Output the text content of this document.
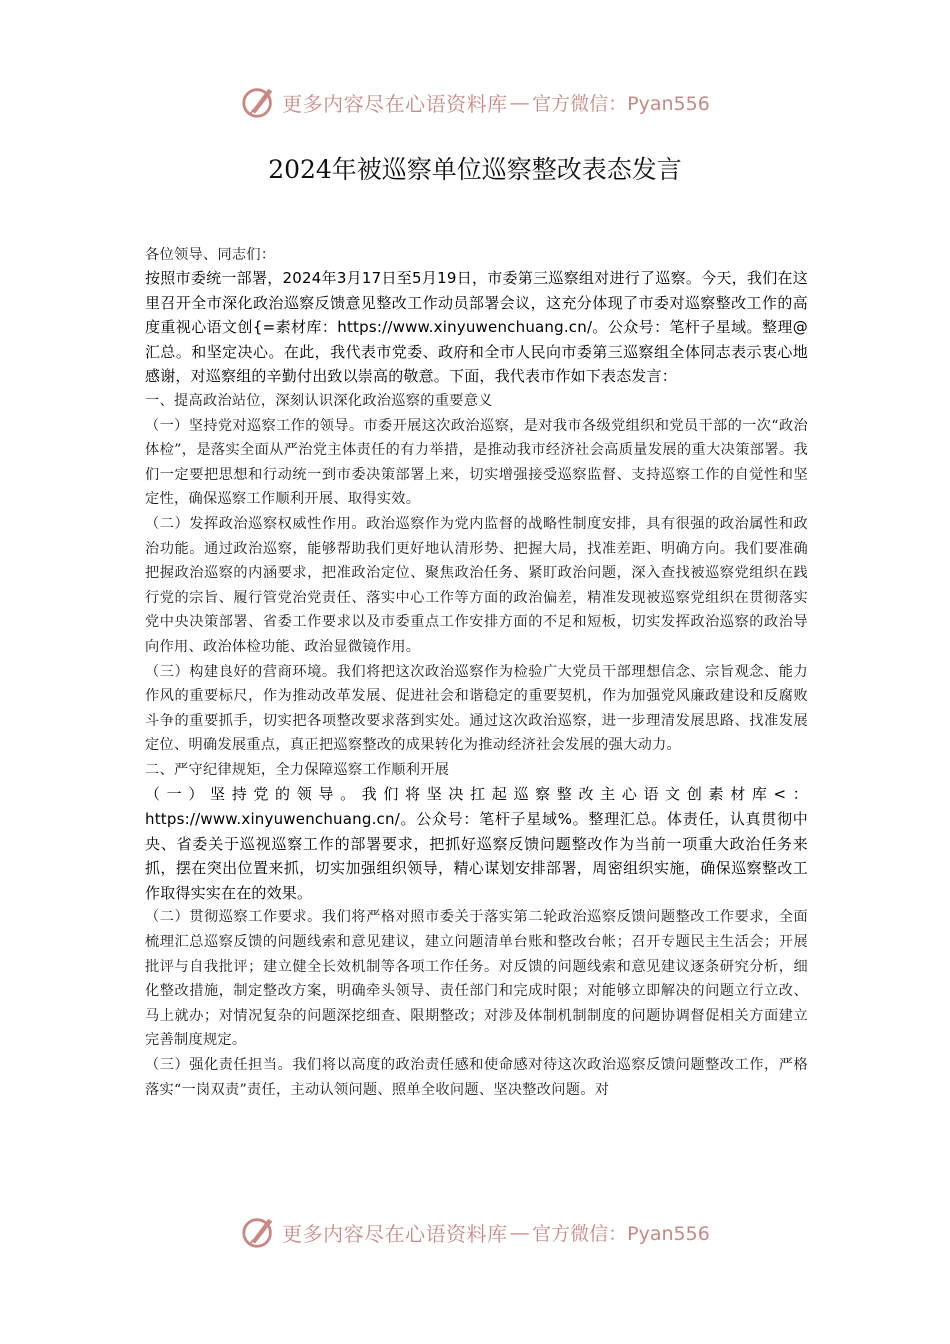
更多内容尽在心语资料库 — 官方微信：Pyan556
2024年被巡察单位巡察整改表态发言

各位领导、同志们：

按照市委统一部署，2024年3月17日至5月19日，市委第三巡察组对进行了巡察。今天，我们在这里召开全市深化政治巡察反馈意见整改工作动员部署会议，这充分体现了市委对巡察整改工作的高度重视心语文创{=素材库：https://www.xinyuwenchuang.cn/。公众号：笔杆子星域。整理@汇总。和坚定决心。在此，我代表市党委、政府和全市人民向市委第三巡察组全体同志表示衷心地感谢，对巡察组的辛勤付出致以崇高的敬意。下面，我代表市作如下表态发言：

一、提高政治站位，深刻认识深化政治巡察的重要意义

（一）坚持党对巡察工作的领导。市委开展这次政治巡察，是对我市各级党组织和党员干部的一次“政治体检”，是落实全面从严治党主体责任的有力举措，是推动我市经济社会高质量发展的重大决策部署。我们一定要把思想和行动统一到市委决策部署上来，切实增强接受巡察监督、支持巡察工作的自觉性和坚定性，确保巡察工作顺利开展、取得实效。

（二）发挥政治巡察权威性作用。政治巡察作为党内监督的战略性制度安排，具有很强的政治属性和政治功能。通过政治巡察，能够帮助我们更好地认清形势、把握大局，找准差距、明确方向。我们要准确把握政治巡察的内涵要求，把准政治定位、聚焦政治任务、紧盯政治问题，深入查找被巡察党组织在践行党的宗旨、履行管党治党责任、落实中心工作等方面的政治偏差，精准发现被巡察党组织在贯彻落实党中央决策部署、省委工作要求以及市委重点工作安排方面的不足和短板，切实发挥政治巡察的政治导向作用、政治体检功能、政治显微镜作用。

（三）构建良好的营商环境。我们将把这次政治巡察作为检验广大党员干部理想信念、宗旨观念、能力作风的重要标尺，作为推动改革发展、促进社会和谐稳定的重要契机，作为加强党风廉政建设和反腐败斗争的重要抓手，切实把各项整改要求落到实处。通过这次政治巡察，进一步理清发展思路、找准发展定位、明确发展重点，真正把巡察整改的成果转化为推动经济社会发展的强大动力。

二、严守纪律规矩，全力保障巡察工作顺利开展

（一）坚持党的领导。我们将坚决扛起巡察整改主心语文创素材库<：https://www.xinyuwenchuang.cn/。公众号：笔杆子星域%。整理汇总。体责任，认真贯彻中央、省委关于巡视巡察工作的部署要求，把抓好巡察反馈问题整改作为当前一项重大政治任务来抓，摆在突出位置来抓，切实加强组织领导，精心谋划安排部署，周密组织实施，确保巡察整改工作取得实实在在的效果。

（二）贯彻巡察工作要求。我们将严格对照市委关于落实第二轮政治巡察反馈问题整改工作要求，全面梳理汇总巡察反馈的问题线索和意见建议，建立问题清单台账和整改台帐；召开专题民主生活会；开展批评与自我批评；建立健全长效机制等各项工作任务。对反馈的问题线索和意见建议逐条研究分析，细化整改措施，制定整改方案，明确牵头领导、责任部门和完成时限；对能够立即解决的问题立行立改、马上就办；对情况复杂的问题深挖细查、限期整改；对涉及体制机制制度的问题协调督促相关方面建立完善制度规定。

（三）强化责任担当。我们将以高度的政治责任感和使命感对待这次政治巡察反馈问题整改工作，严格落实“一岗双责”责任，主动认领问题、照单全收问题、坚决整改问题。对

更多内容尽在心语资料库 — 官方微信：Pyan556
